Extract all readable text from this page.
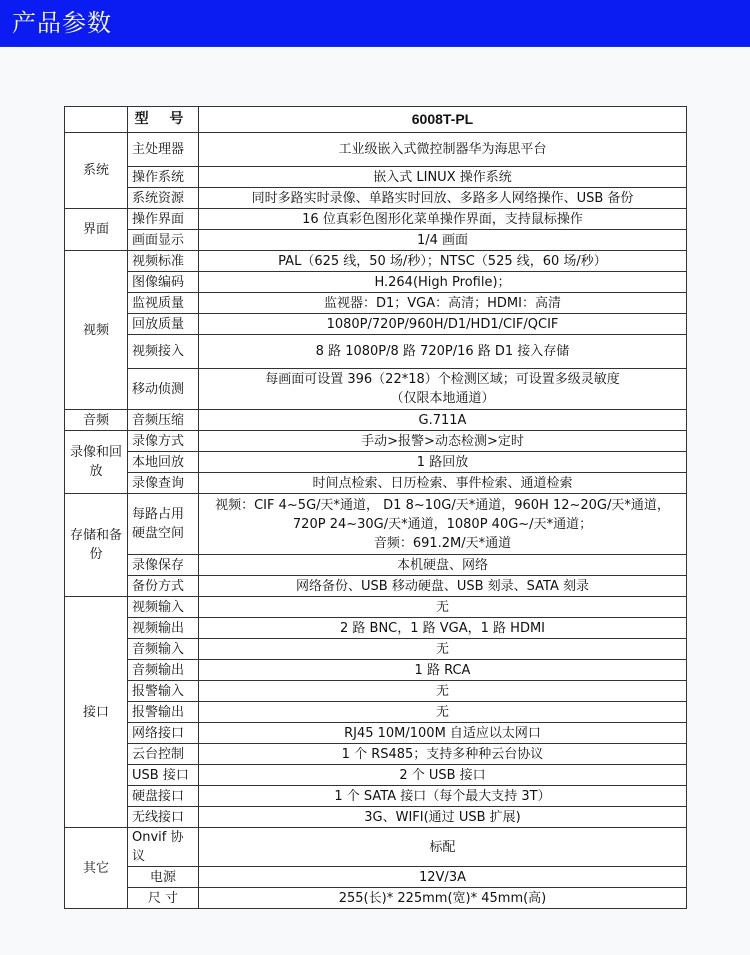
产品参数
	型 号	6008T-PL
系统	主处理器	工业级嵌入式微控制器华为海思平台
	操作系统	嵌入式 LINUX 操作系统
	系统资源	同时多路实时录像、单路实时回放、多路多人网络操作、USB 备份
界面	操作界面	16 位真彩色图形化菜单操作界面，支持鼠标操作
	画面显示	1/4 画面
视频	视频标准	PAL（625 线，50 场/秒）；NTSC（525 线，60 场/秒）
	图像编码	H.264(High Profile)；
	监视质量	监视器：D1；VGA：高清；HDMI：高清
	回放质量	1080P/720P/960H/D1/HD1/CIF/QCIF
	视频接入	8 路 1080P/8 路 720P/16 路 D1 接入存储
	移动侦测	每画面可设置 396（22*18）个检测区域；可设置多级灵敏度
（仅限本地通道）

音频	音频压缩	G.711A
录像和回放	录像方式	手动>报警>动态检测>定时
	本地回放	1 路回放
	录像查询	时间点检索、日历检索、事件检索、通道检索
存储和备份	每路占用硬盘空间	视频：CIF 4~5G/天*通道， D1 8~10G/天*通道，960H 12~20G/天*通道，
720P 24~30G/天*通道，1080P 40G~/天*通道；
音频：691.2M/天*通道

	录像保存	本机硬盘、网络
	备份方式	网络备份、USB 移动硬盘、USB 刻录、SATA 刻录
接口	视频输入	无
	视频输出	2 路 BNC，1 路 VGA，1 路 HDMI
	音频输入	无
	音频输出	1 路 RCA
	报警输入	无
	报警输出	无
	网络接口	RJ45 10M/100M 自适应以太网口
	云台控制	1 个 RS485；支持多种种云台协议
	USB 接口	2 个 USB 接口
	硬盘接口	1 个 SATA 接口（每个最大支持 3T）
	无线接口	3G、WIFI(通过 USB 扩展)
其它	Onvif 协议	标配
	电源	12V/3A
	尺 寸	255(长)* 225mm(宽)* 45mm(高)
